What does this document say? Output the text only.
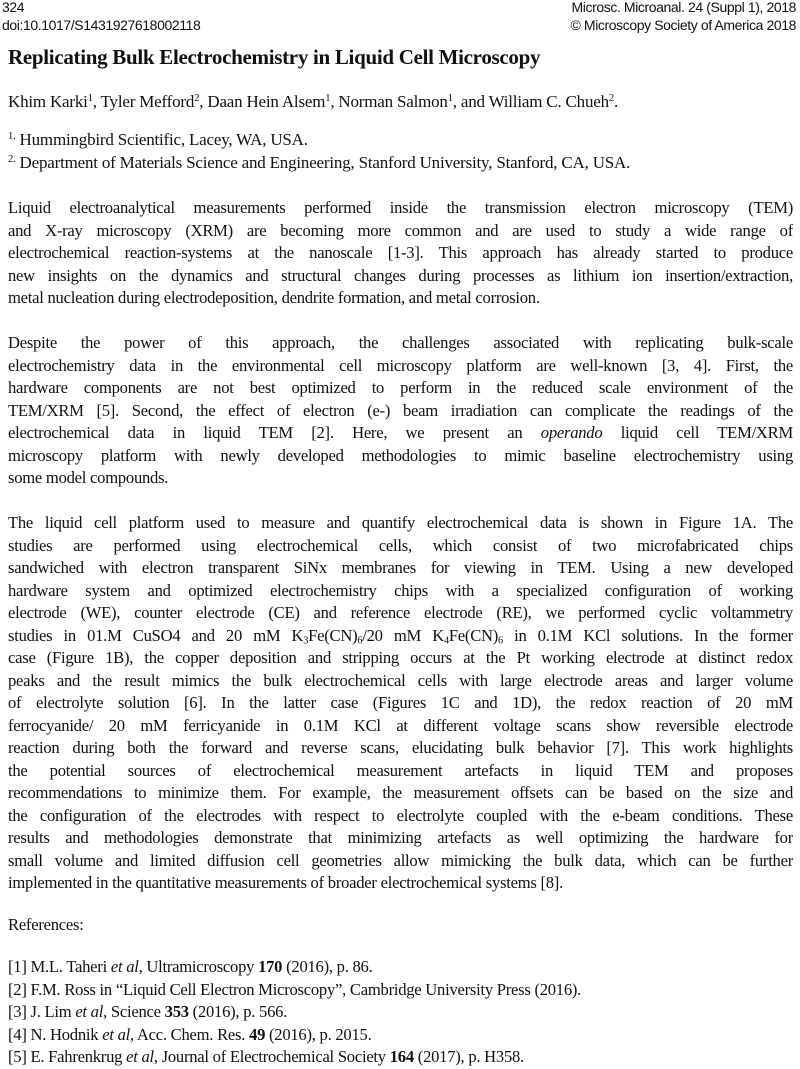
324
doi:10.1017/S1431927618002118
Microsc. Microanal. 24 (Suppl 1), 2018
© Microscopy Society of America 2018
Replicating Bulk Electrochemistry in Liquid Cell Microscopy
Khim Karki$^1$, Tyler Mefford$^2$, Daan Hein Alsem$^1$, Norman Salmon$^1$, and William C. Chueh$^2$.
$^{1.}$ Hummingbird Scientific, Lacey, WA, USA.
$^{2.}$ Department of Materials Science and Engineering, Stanford University, Stanford, CA, USA.
Liquid electroanalytical measurements performed inside the transmission electron microscopy (TEM)
and X-ray microscopy (XRM) are becoming more common and are used to study a wide range of
electrochemical reaction-systems at the nanoscale [1-3]. This approach has already started to produce
new insights on the dynamics and structural changes during processes as lithium ion insertion/extraction,
metal nucleation during electrodeposition, dendrite formation, and metal corrosion.
Despite the power of this approach, the challenges associated with replicating bulk-scale
electrochemistry data in the environmental cell microscopy platform are well-known [3, 4]. First, the
hardware components are not best optimized to perform in the reduced scale environment of the
TEM/XRM [5]. Second, the effect of electron (e-) beam irradiation can complicate the readings of the
electrochemical data in liquid TEM [2]. Here, we present an operando liquid cell TEM/XRM
microscopy platform with newly developed methodologies to mimic baseline electrochemistry using
some model compounds.
The liquid cell platform used to measure and quantify electrochemical data is shown in Figure 1A. The
studies are performed using electrochemical cells, which consist of two microfabricated chips
sandwiched with electron transparent SiNx membranes for viewing in TEM. Using a new developed
hardware system and optimized electrochemistry chips with a specialized configuration of working
electrode (WE), counter electrode (CE) and reference electrode (RE), we performed cyclic voltammetry
studies in 01.M CuSO4 and 20 mM $K_3Fe(CN)_6/20$ mM $K_4Fe(CN)_6$ in 0.1M KCl solutions. In the former
case (Figure 1B), the copper deposition and stripping occurs at the Pt working electrode at distinct redox
peaks and the result mimics the bulk electrochemical cells with large electrode areas and larger volume
of electrolyte solution [6]. In the latter case (Figures 1C and 1D), the redox reaction of 20 mM
ferrocyanide/ 20 mM ferricyanide in 0.1M KCl at different voltage scans show reversible electrode
reaction during both the forward and reverse scans, elucidating bulk behavior [7]. This work highlights
the potential sources of electrochemical measurement artefacts in liquid TEM and proposes
recommendations to minimize them. For example, the measurement offsets can be based on the size and
the configuration of the electrodes with respect to electrolyte coupled with the e-beam conditions. These
results and methodologies demonstrate that minimizing artefacts as well optimizing the hardware for
small volume and limited diffusion cell geometries allow mimicking the bulk data, which can be further
implemented in the quantitative measurements of broader electrochemical systems [8].
References:
[1] M.L. Taheri et al, Ultramicroscopy 170 (2016), p. 86.
[2] F.M. Ross in “Liquid Cell Electron Microscopy”, Cambridge University Press (2016).
[3] J. Lim et al, Science 353 (2016), p. 566.
[4] N. Hodnik et al, Acc. Chem. Res. 49 (2016), p. 2015.
[5] E. Fahrenkrug et al, Journal of Electrochemical Society 164 (2017), p. H358.
